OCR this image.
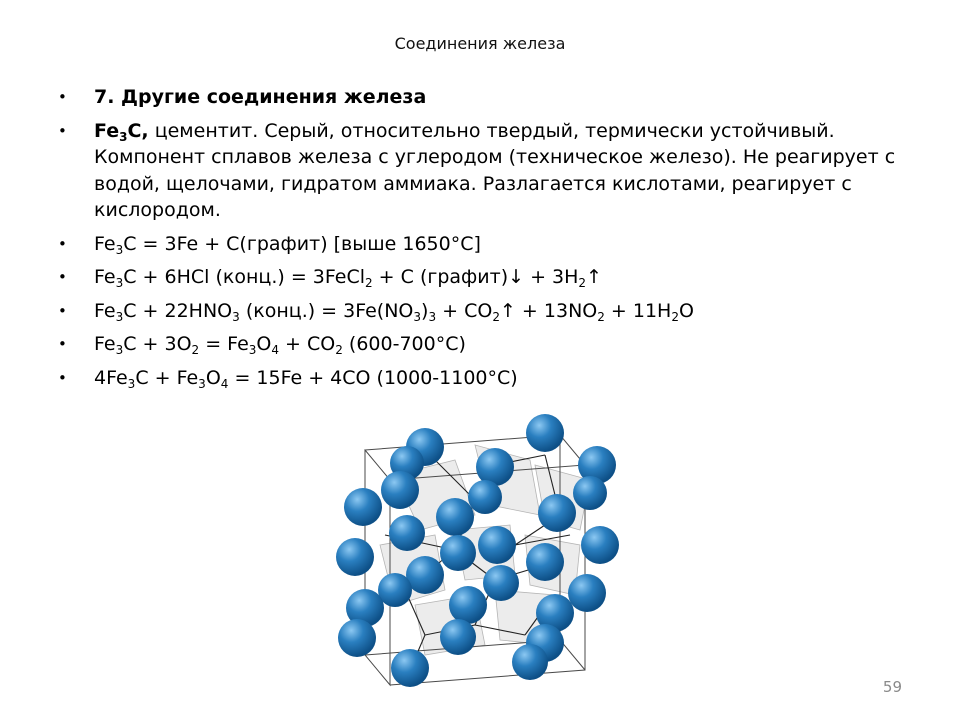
Соединения железа
• 7. Другие соединения железа
• $Fe_3C$, цементит. Серый, относительно твердый, термически устойчивый. Компонент сплавов железа с углеродом (техническое железо). Не реагирует с водой, щелочами, гидратом аммиака. Разлагается кислотами, реагирует с кислородом.
• $Fe_3C = 3Fe$ + C(графит) [выше 1650°C]
• $Fe_3C + 6HCl$ (конц.) = 3FeCl$_2$ + C (графит)↓ + $3H_2↑$
• $Fe_3C + 22HNO_3$ (конц.) = $3Fe(NO_3)_3$ + $CO_2↑ + 13NO_2 + 11H_2O$
• $Fe_3C + 3O_2 = Fe_3O_4 + CO_2$ (600-700°C)
• $4Fe_3C + Fe_3O_4 = 15Fe + 4CO$ (1000-1100°C)
59
